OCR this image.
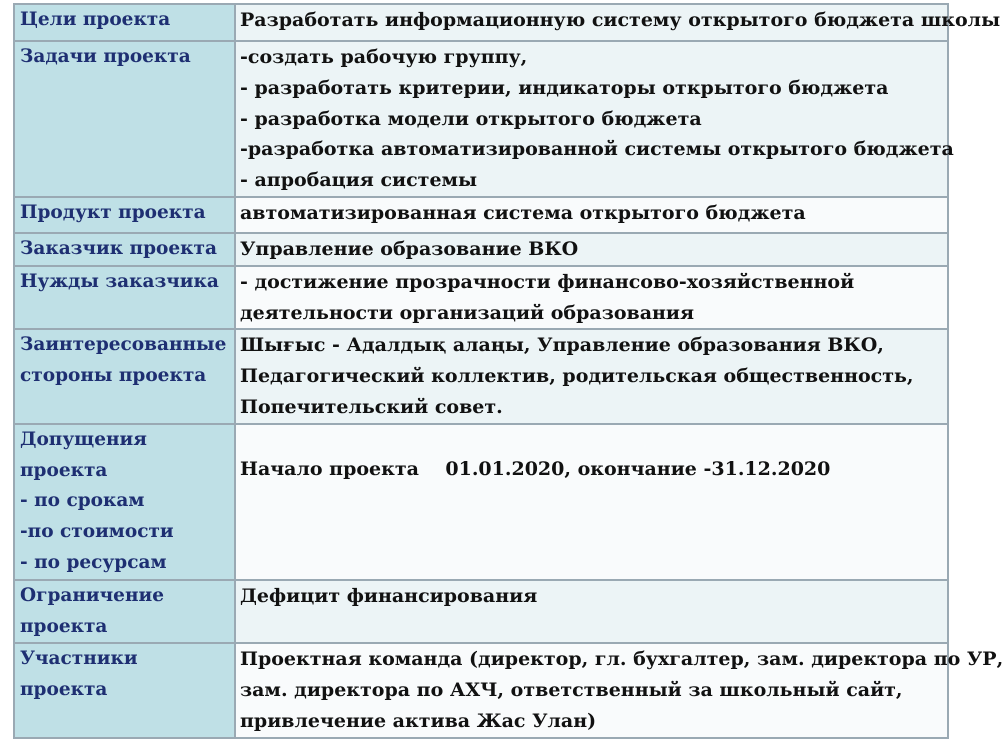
Цели проекта	Разработать информационную систему открытого бюджета школы

Задачи проекта	-создать рабочую группу,
- разработать критерии, индикаторы открытого бюджета
- разработка модели открытого бюджета
-разработка автоматизированной системы открытого бюджета
- апробация системы

Продукт проекта	автоматизированная система открытого бюджета

Заказчик проекта	Управление образование ВКО

Нужды заказчика	- достижение прозрачности финансово-хозяйственной
деятельности организаций образования

Заинтересованные
стороны проекта	Шығыс - Адалдық алаңы, Управление образования ВКО,
Педагогический коллектив, родительская общественность,
Попечительский совет.

Допущения
проекта
- по срокам
-по стоимости
- по ресурсам	Начало проекта    01.01.2020, окончание -31.12.2020

Ограничение
проекта	Дефицит финансирования

Участники
проекта	Проектная команда (директор, гл. бухгалтер, зам. директора по УР,
зам. директора по АХЧ, ответственный за школьный сайт,
привлечение актива Жас Улан)
